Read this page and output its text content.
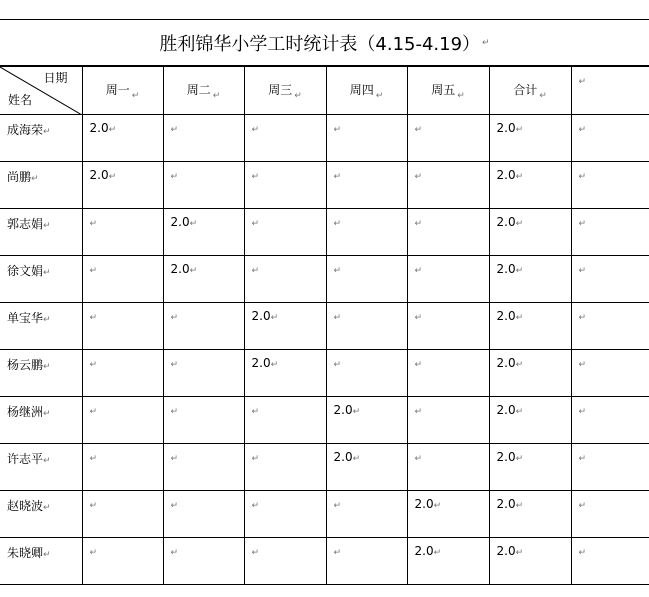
胜利锦华小学工时统计表（4.15-4.19） ↵
日期
姓名	周一 $_↵$	周二 $_↵$	周三 $_↵$	周四 $_↵$	周五 $_↵$	合计 $_↵$	↵
成海荣↵	2.0↵	↵	↵	↵	↵	2.0↵	↵
尚鹏↵	2.0↵	↵	↵	↵	↵	2.0↵	↵
郭志娟↵	↵	2.0↵	↵	↵	↵	2.0↵	↵
徐文娟↵	↵	2.0↵	↵	↵	↵	2.0↵	↵
单宝华↵	↵	↵	2.0↵	↵	↵	2.0↵	↵
杨云鹏↵	↵	↵	2.0↵	↵	↵	2.0↵	↵
杨继洲↵	↵	↵	↵	2.0↵	↵	2.0↵	↵
许志平↵	↵	↵	↵	2.0↵	↵	2.0↵	↵
赵晓波↵	↵	↵	↵	↵	2.0↵	2.0↵	↵
朱晓卿↵	↵	↵	↵	↵	2.0↵	2.0↵	↵
